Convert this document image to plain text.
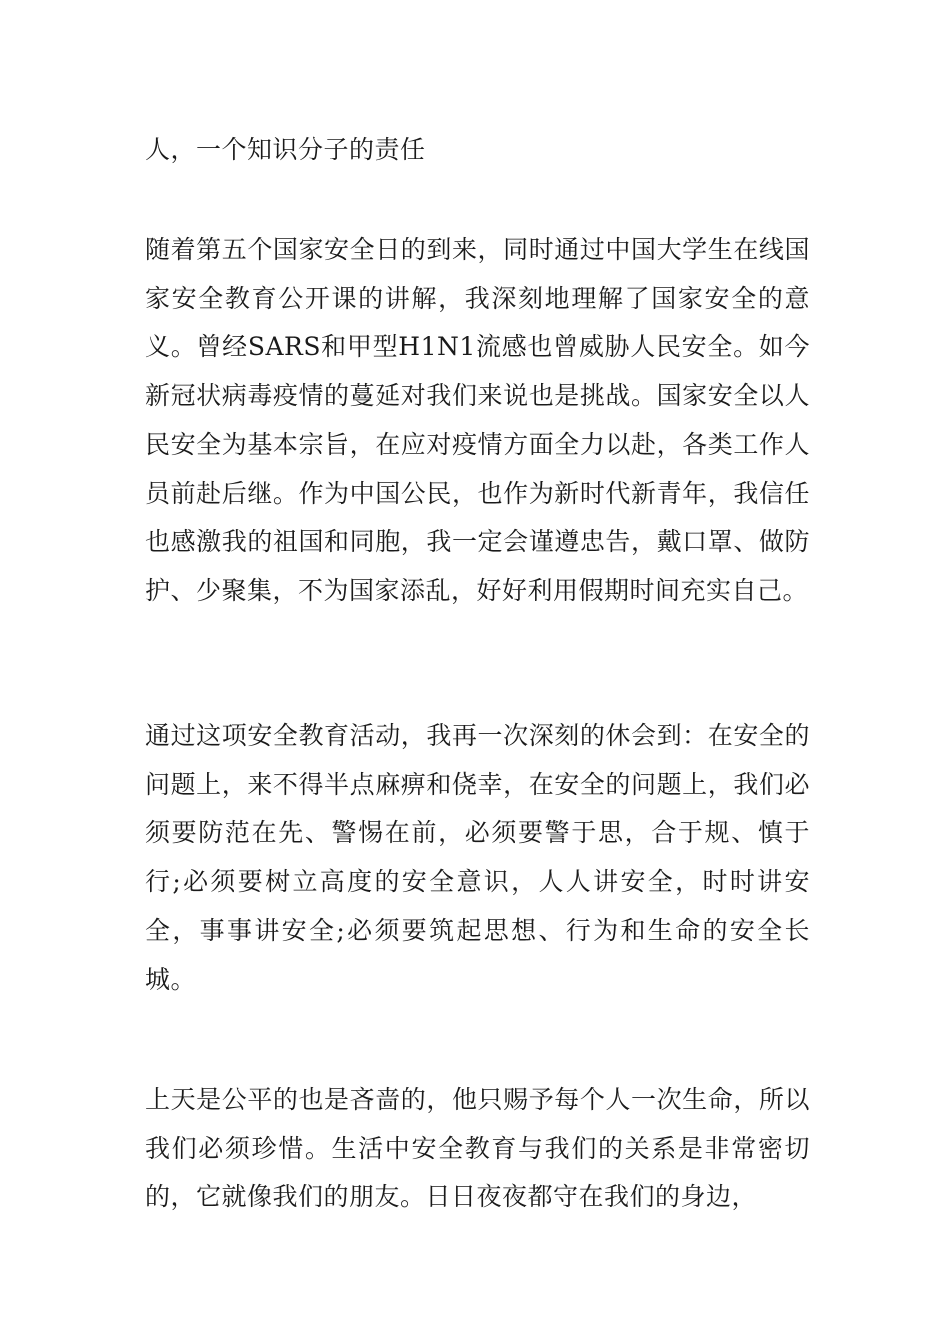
人，一个知识分子的责任

随着第五个国家安全日的到来，同时通过中国大学生在线国家安全教育公开课的讲解，我深刻地理解了国家安全的意义。曾经SARS和甲型H1N1流感也曾威胁人民安全。如今新冠状病毒疫情的蔓延对我们来说也是挑战。国家安全以人民安全为基本宗旨，在应对疫情方面全力以赴，各类工作人员前赴后继。作为中国公民，也作为新时代新青年，我信任也感激我的祖国和同胞，我一定会谨遵忠告，戴口罩、做防护、少聚集，不为国家添乱，好好利用假期时间充实自己。

通过这项安全教育活动，我再一次深刻的休会到：在安全的问题上，来不得半点麻痹和侥幸，在安全的问题上，我们必须要防范在先、警惕在前，必须要警于思，合于规、慎于行;必须要树立高度的安全意识，人人讲安全，时时讲安全，事事讲安全;必须要筑起思想、行为和生命的安全长城。

上天是公平的也是吝啬的，他只赐予每个人一次生命，所以我们必须珍惜。生活中安全教育与我们的关系是非常密切的，它就像我们的朋友。日日夜夜都守在我们的身边，
